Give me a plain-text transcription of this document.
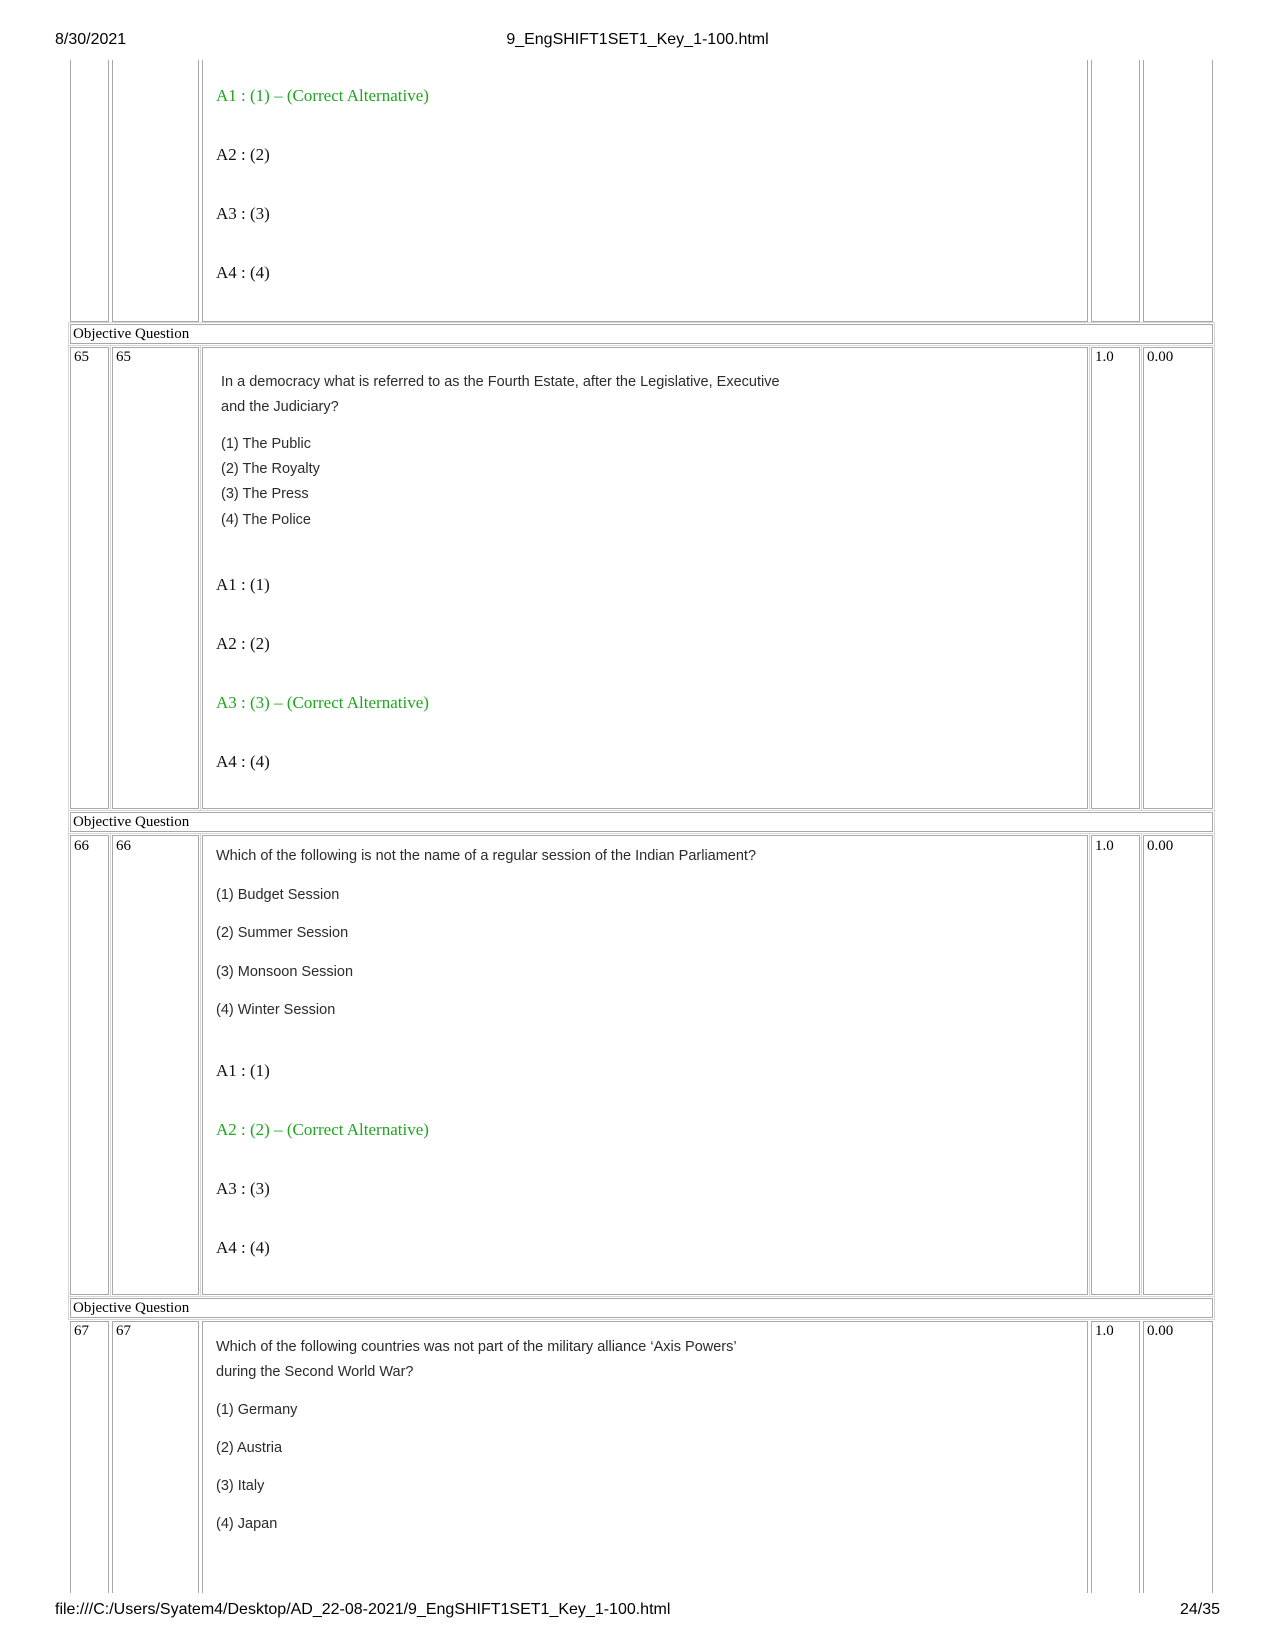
8/30/2021	9_EngSHIFT1SET1_Key_1-100.html
A1 : (1) – (Correct Alternative)
A2 : (2)
A3 : (3)
A4 : (4)
Objective Question
65 65	1.0 0.00
In a democracy what is referred to as the Fourth Estate, after the Legislative, Executive
and the Judiciary?
(1) The Public
(2) The Royalty
(3) The Press
(4) The Police
A1 : (1)
A2 : (2)
A3 : (3) – (Correct Alternative)
A4 : (4)
Objective Question
66 66	1.0 0.00
Which of the following is not the name of a regular session of the Indian Parliament?
(1) Budget Session
(2) Summer Session
(3) Monsoon Session
(4) Winter Session
A1 : (1)
A2 : (2) – (Correct Alternative)
A3 : (3)
A4 : (4)
Objective Question
67 67	1.0 0.00
Which of the following countries was not part of the military alliance ‘Axis Powers’
during the Second World War?
(1) Germany
(2) Austria
(3) Italy
(4) Japan
file:///C:/Users/Syatem4/Desktop/AD_22-08-2021/9_EngSHIFT1SET1_Key_1-100.html	24/35
